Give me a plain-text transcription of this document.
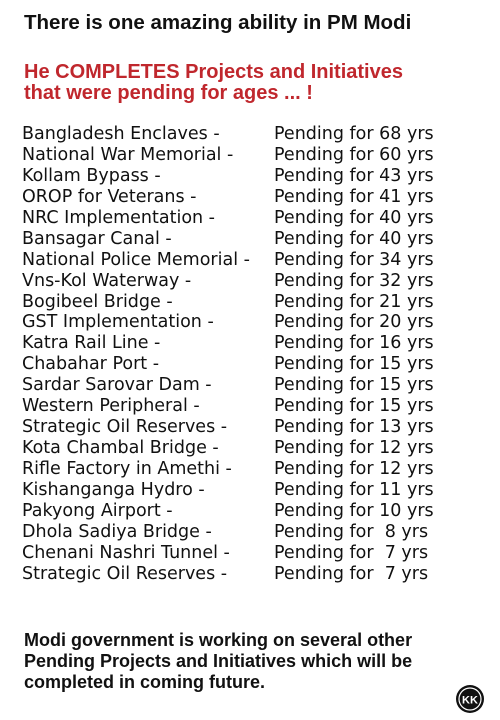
There is one amazing ability in PM Modi
He COMPLETES Projects and Initiatives
that were pending for ages ... !
Bangladesh Enclaves -	Pending for 68 yrs
National War Memorial - Pending for 60 yrs
Kollam Bypass -	Pending for 43 yrs
OROP for Veterans -	Pending for 41 yrs
NRC Implementation -	Pending for 40 yrs
Bansagar Canal -	Pending for 40 yrs
National Police Memorial - Pending for 34 yrs
Vns-Kol Waterway -	Pending for 32 yrs
Bogibeel Bridge -	Pending for 21 yrs
GST Implementation -	Pending for 20 yrs
Katra Rail Line -	Pending for 16 yrs
Chabahar Port -	Pending for 15 yrs
Sardar Sarovar Dam -	Pending for 15 yrs
Western Peripheral -	Pending for 15 yrs
Strategic Oil Reserves -	Pending for 13 yrs
Kota Chambal Bridge -	Pending for 12 yrs
Rifle Factory in Amethi - Pending for 12 yrs
Kishanganga Hydro -	Pending for 11 yrs
Pakyong Airport -	Pending for 10 yrs
Dhola Sadiya Bridge -	Pending for  8 yrs
Chenani Nashri Tunnel -	Pending for  7 yrs
Strategic Oil Reserves -	Pending for  7 yrs
Modi government is working on several other
Pending Projects and Initiatives which will be
completed in coming future.
KK
